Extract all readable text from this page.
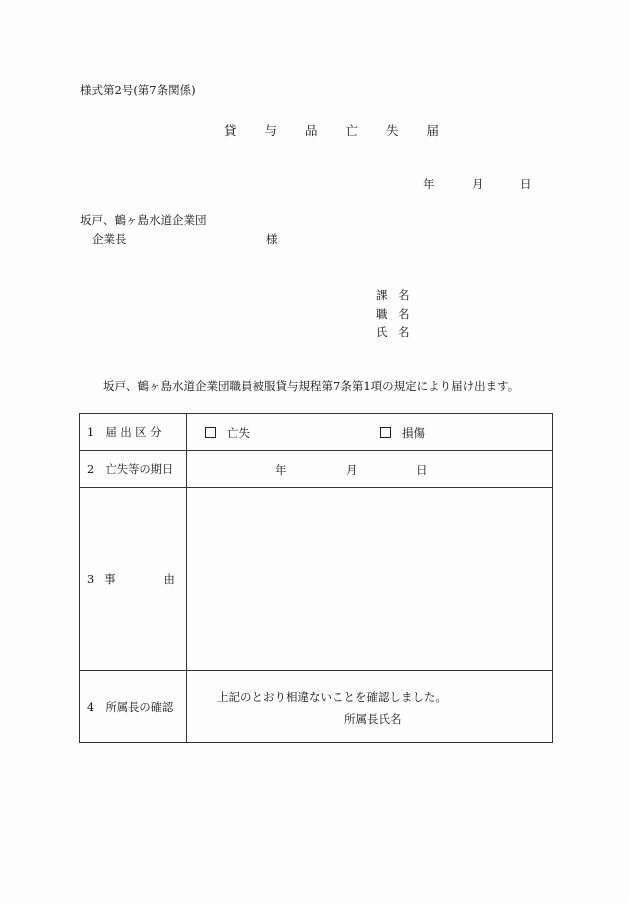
様式第2号(第7条関係)
貸 与 品 亡 失 届
年	月	日
坂戸、鶴ヶ島水道企業団
企業長	様
課 名
職 名
氏 名
坂戸、鶴ヶ島水道企業団職員被服貸与規程第7条第1項の規定により届け出ます。
1　届 出 区 分	亡失 損傷

2　亡失等の期日	年 月 日

3 事 由	
4　所属長の確認	上記のとおり相違ないことを確認しました。
所属長氏名
